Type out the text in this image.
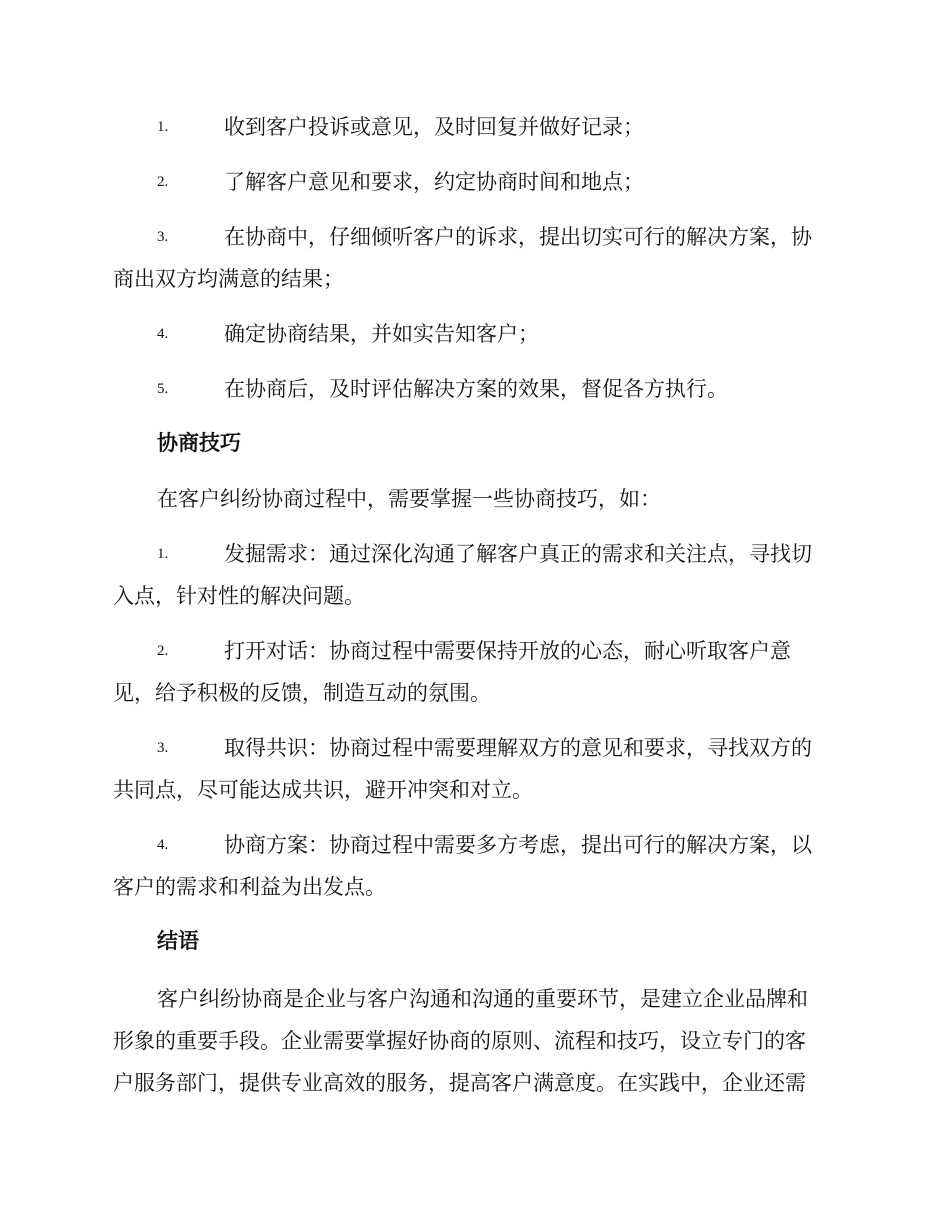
1.	收到客户投诉或意见，及时回复并做好记录；
2.	了解客户意见和要求，约定协商时间和地点；
3.	在协商中，仔细倾听客户的诉求，提出切实可行的解决方案，协
商出双方均满意的结果；
4.	确定协商结果，并如实告知客户；
5.	在协商后，及时评估解决方案的效果，督促各方执行。
协商技巧
在客户纠纷协商过程中，需要掌握一些协商技巧，如：
1.	发掘需求：通过深化沟通了解客户真正的需求和关注点，寻找切
入点，针对性的解决问题。
2.	打开对话：协商过程中需要保持开放的心态，耐心听取客户意
见，给予积极的反馈，制造互动的氛围。
3.	取得共识：协商过程中需要理解双方的意见和要求，寻找双方的
共同点，尽可能达成共识，避开冲突和对立。
4.	协商方案：协商过程中需要多方考虑，提出可行的解决方案，以
客户的需求和利益为出发点。
结语
客户纠纷协商是企业与客户沟通和沟通的重要环节，是建立企业品牌和
形象的重要手段。企业需要掌握好协商的原则、流程和技巧，设立专门的客
户服务部门，提供专业高效的服务，提高客户满意度。在实践中，企业还需
